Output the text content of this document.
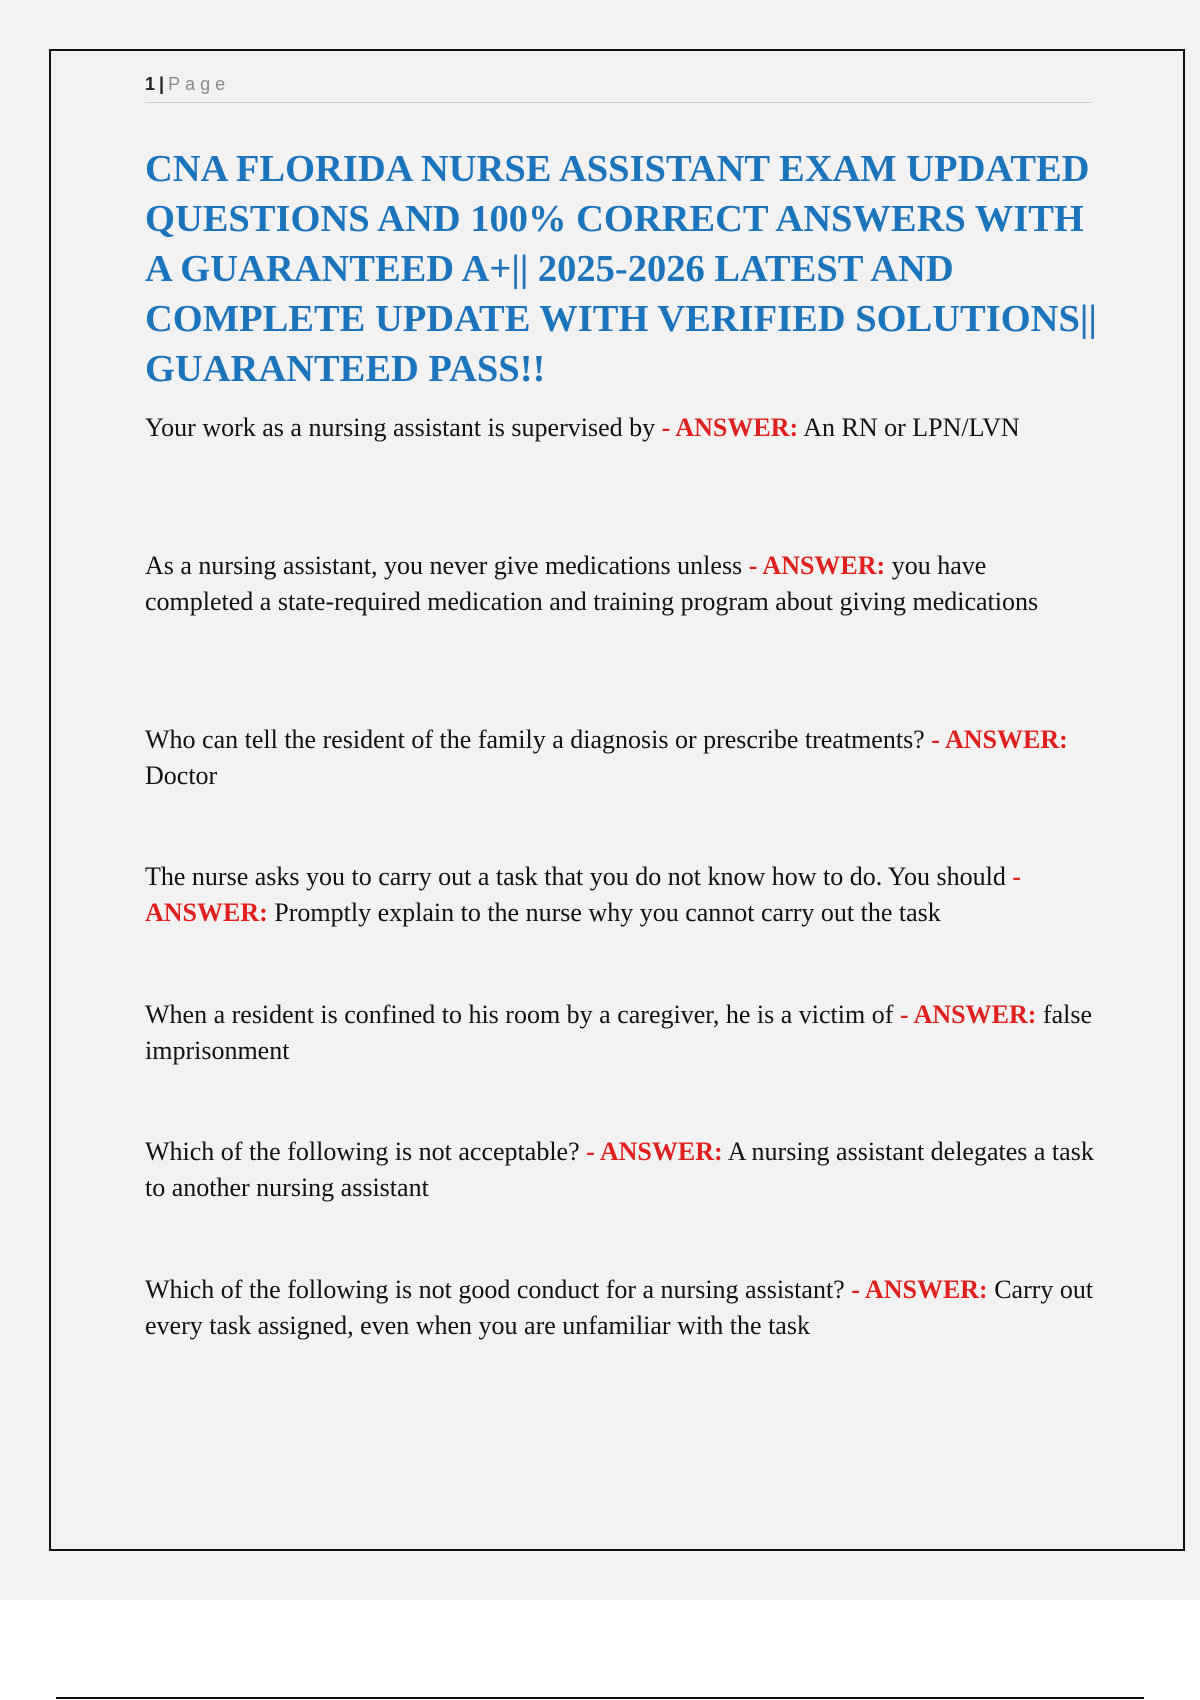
1 | Page
CNA FLORIDA NURSE ASSISTANT EXAM UPDATED QUESTIONS AND 100% CORRECT ANSWERS WITH A GUARANTEED A+|| 2025-2026 LATEST AND COMPLETE UPDATE WITH VERIFIED SOLUTIONS|| GUARANTEED PASS!!

Your work as a nursing assistant is supervised by - ANSWER: An RN or LPN/LVN

As a nursing assistant, you never give medications unless - ANSWER: you have completed a state-required medication and training program about giving medications

Who can tell the resident of the family a diagnosis or prescribe treatments? - ANSWER: Doctor

The nurse asks you to carry out a task that you do not know how to do. You should - ANSWER: Promptly explain to the nurse why you cannot carry out the task

When a resident is confined to his room by a caregiver, he is a victim of - ANSWER: false imprisonment

Which of the following is not acceptable? - ANSWER: A nursing assistant delegates a task to another nursing assistant

Which of the following is not good conduct for a nursing assistant? - ANSWER: Carry out every task assigned, even when you are unfamiliar with the task
